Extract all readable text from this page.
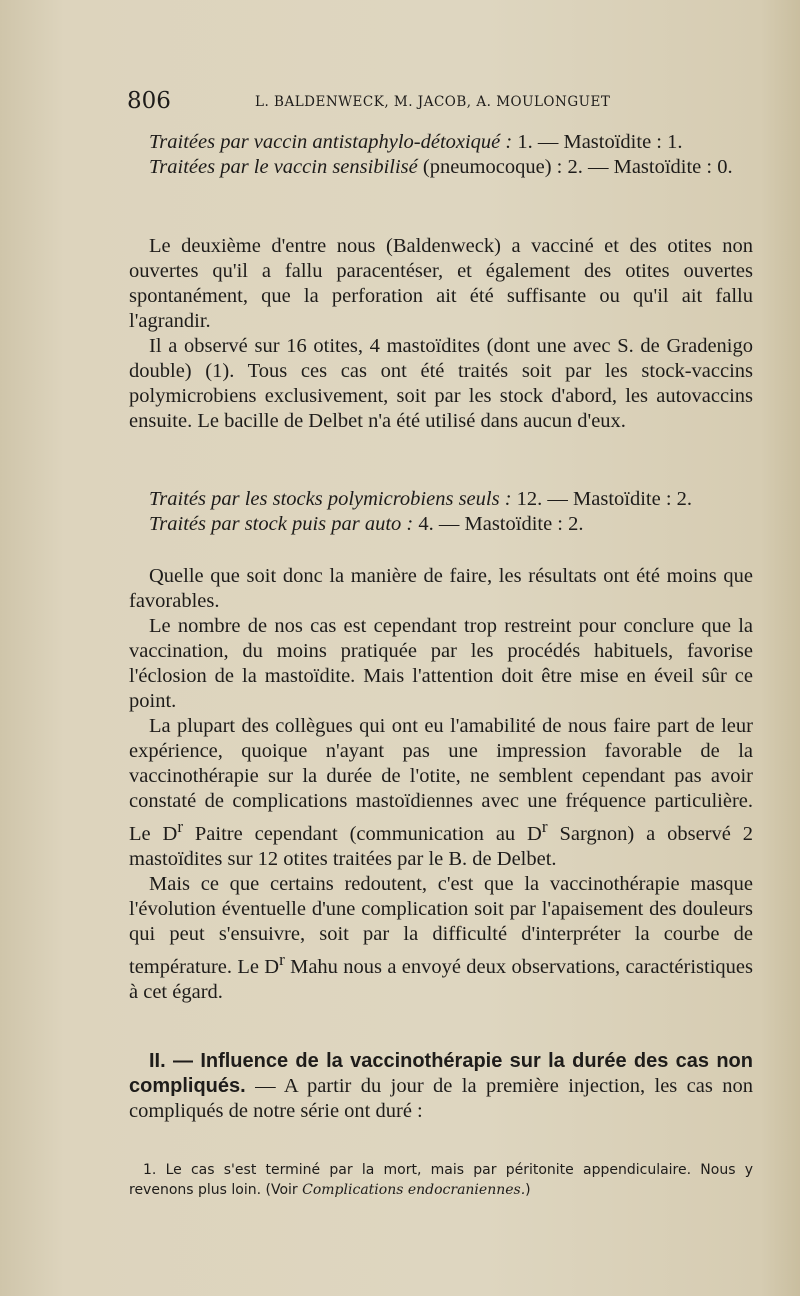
806	L. BALDENWECK, M. JACOB, A. MOULONGUET

Traitées par vaccin antistaphylo-détoxiqué : 1. — Mastoïdite : 1.

Traitées par le vaccin sensibilisé (pneumocoque) : 2. — Mastoïdite : 0.

Le deuxième d'entre nous (Baldenweck) a vacciné et des otites non ouvertes qu'il a fallu paracentéser, et également des otites ouvertes spontanément, que la perforation ait été suffisante ou qu'il ait fallu l'agrandir.

Il a observé sur 16 otites, 4 mastoïdites (dont une avec S. de Gradenigo double) (1). Tous ces cas ont été traités soit par les stock-vaccins polymicrobiens exclusivement, soit par les stock d'abord, les autovaccins ensuite. Le bacille de Delbet n'a été utilisé dans aucun d'eux.

Traités par les stocks polymicrobiens seuls : 12. — Mastoïdite : 2.

Traités par stock puis par auto : 4. — Mastoïdite : 2.

Quelle que soit donc la manière de faire, les résultats ont été moins que favorables.

Le nombre de nos cas est cependant trop restreint pour conclure que la vaccination, du moins pratiquée par les procédés habituels, favorise l'éclosion de la mastoïdite. Mais l'attention doit être mise en éveil sûr ce point.

La plupart des collègues qui ont eu l'amabilité de nous faire part de leur expérience, quoique n'ayant pas une impression favorable de la vaccinothérapie sur la durée de l'otite, ne semblent cependant pas avoir constaté de complications mastoïdiennes avec une fréquence particulière. Le $D^r$ Paitre cependant (communication au $D^r$ Sargnon) a observé 2 mastoïdites sur 12 otites traitées par le B. de Delbet.

Mais ce que certains redoutent, c'est que la vaccinothérapie masque l'évolution éventuelle d'une complication soit par l'apaisement des douleurs qui peut s'ensuivre, soit par la difficulté d'interpréter la courbe de température. Le $D^r$ Mahu nous a envoyé deux observations, caractéristiques à cet égard.

II. — Influence de la vaccinothérapie sur la durée des cas non compliqués. — A partir du jour de la première injection, les cas non compliqués de notre série ont duré :
1. Le cas s'est terminé par la mort, mais par péritonite appendiculaire. Nous y revenons plus loin. (Voir Complications endocraniennes.)
